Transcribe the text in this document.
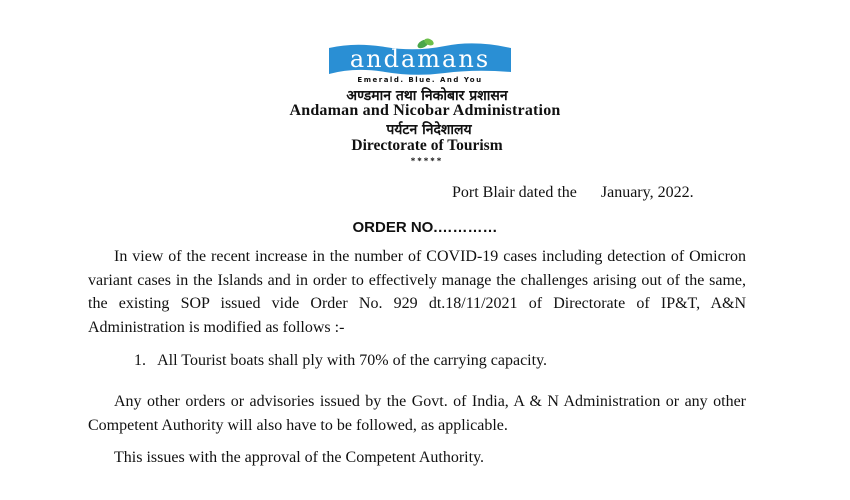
andamans
Emerald. Blue. And You
अण्डमान तथा निकोबार प्रशासन
Andaman and Nicobar Administration
पर्यटन निदेशालय
Directorate of Tourism
*****
Port Blair dated the January, 2022.
ORDER NO.…………
In view of the recent increase in the number of COVID-19 cases including detection of Omicron variant cases in the Islands and in order to effectively manage the challenges arising out of the same, the existing SOP issued vide Order No. 929 dt.18/11/2021 of Directorate of IP&T, A&N Administration is modified as follows :-
1. All Tourist boats shall ply with 70% of the carrying capacity.
Any other orders or advisories issued by the Govt. of India, A & N Administration or any other Competent Authority will also have to be followed, as applicable.
This issues with the approval of the Competent Authority.
